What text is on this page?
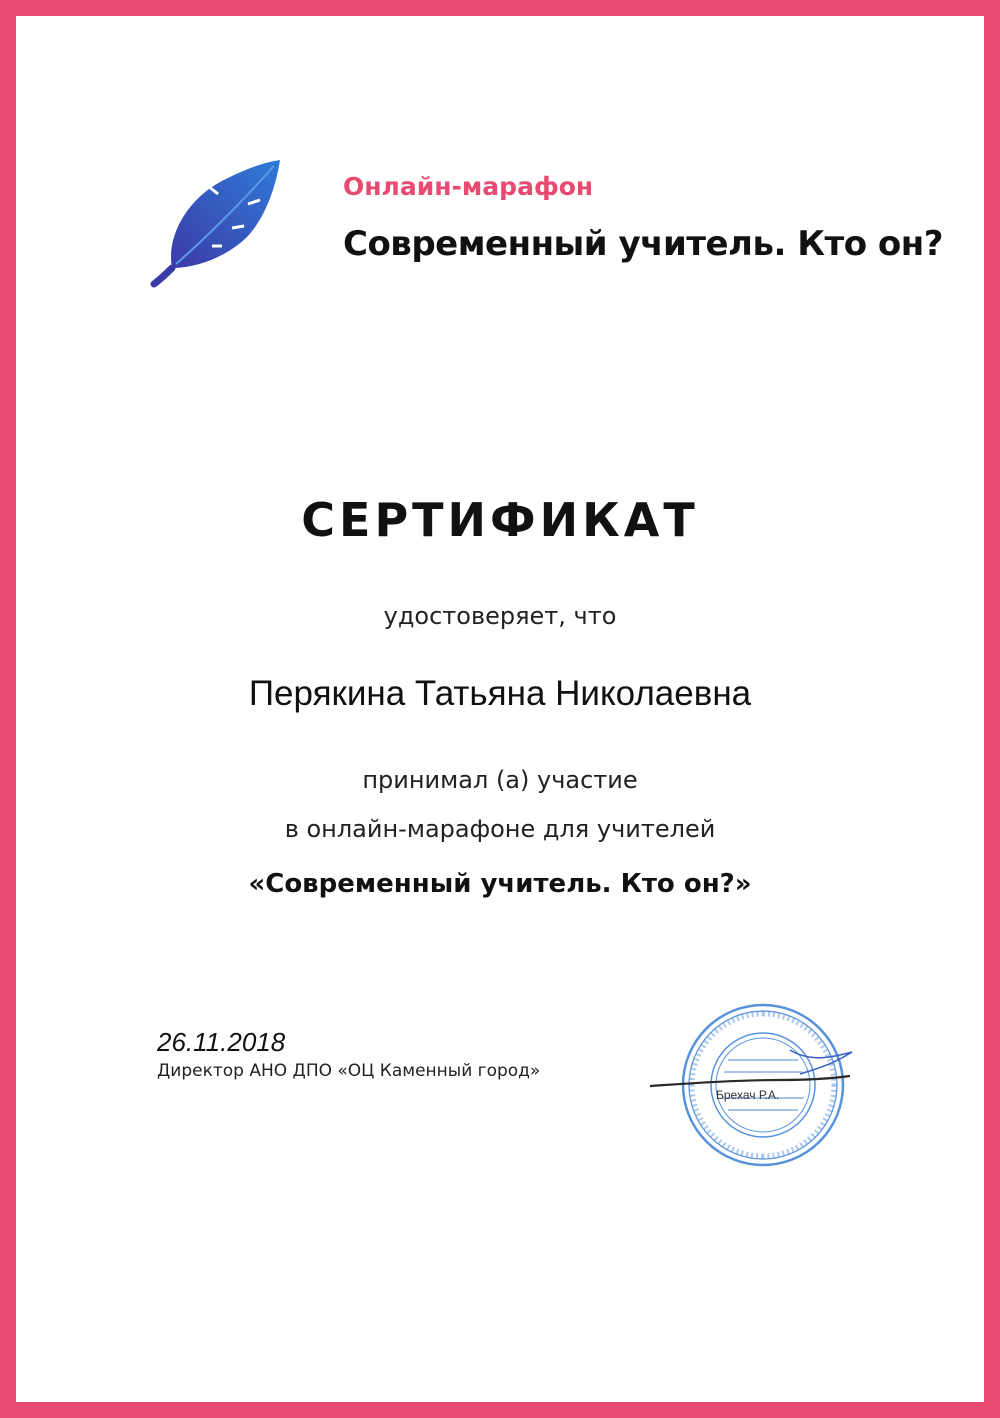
Онлайн-марафон
Современный учитель. Кто он?
СЕРТИФИКАТ
удостоверяет, что
Перякина Татьяна Николаевна
принимал (а) участие
в онлайн-марафоне для учителей
«Современный учитель. Кто он?»
26.11.2018
Директор АНО ДПО «ОЦ Каменный город»
Брехач Р.А.
